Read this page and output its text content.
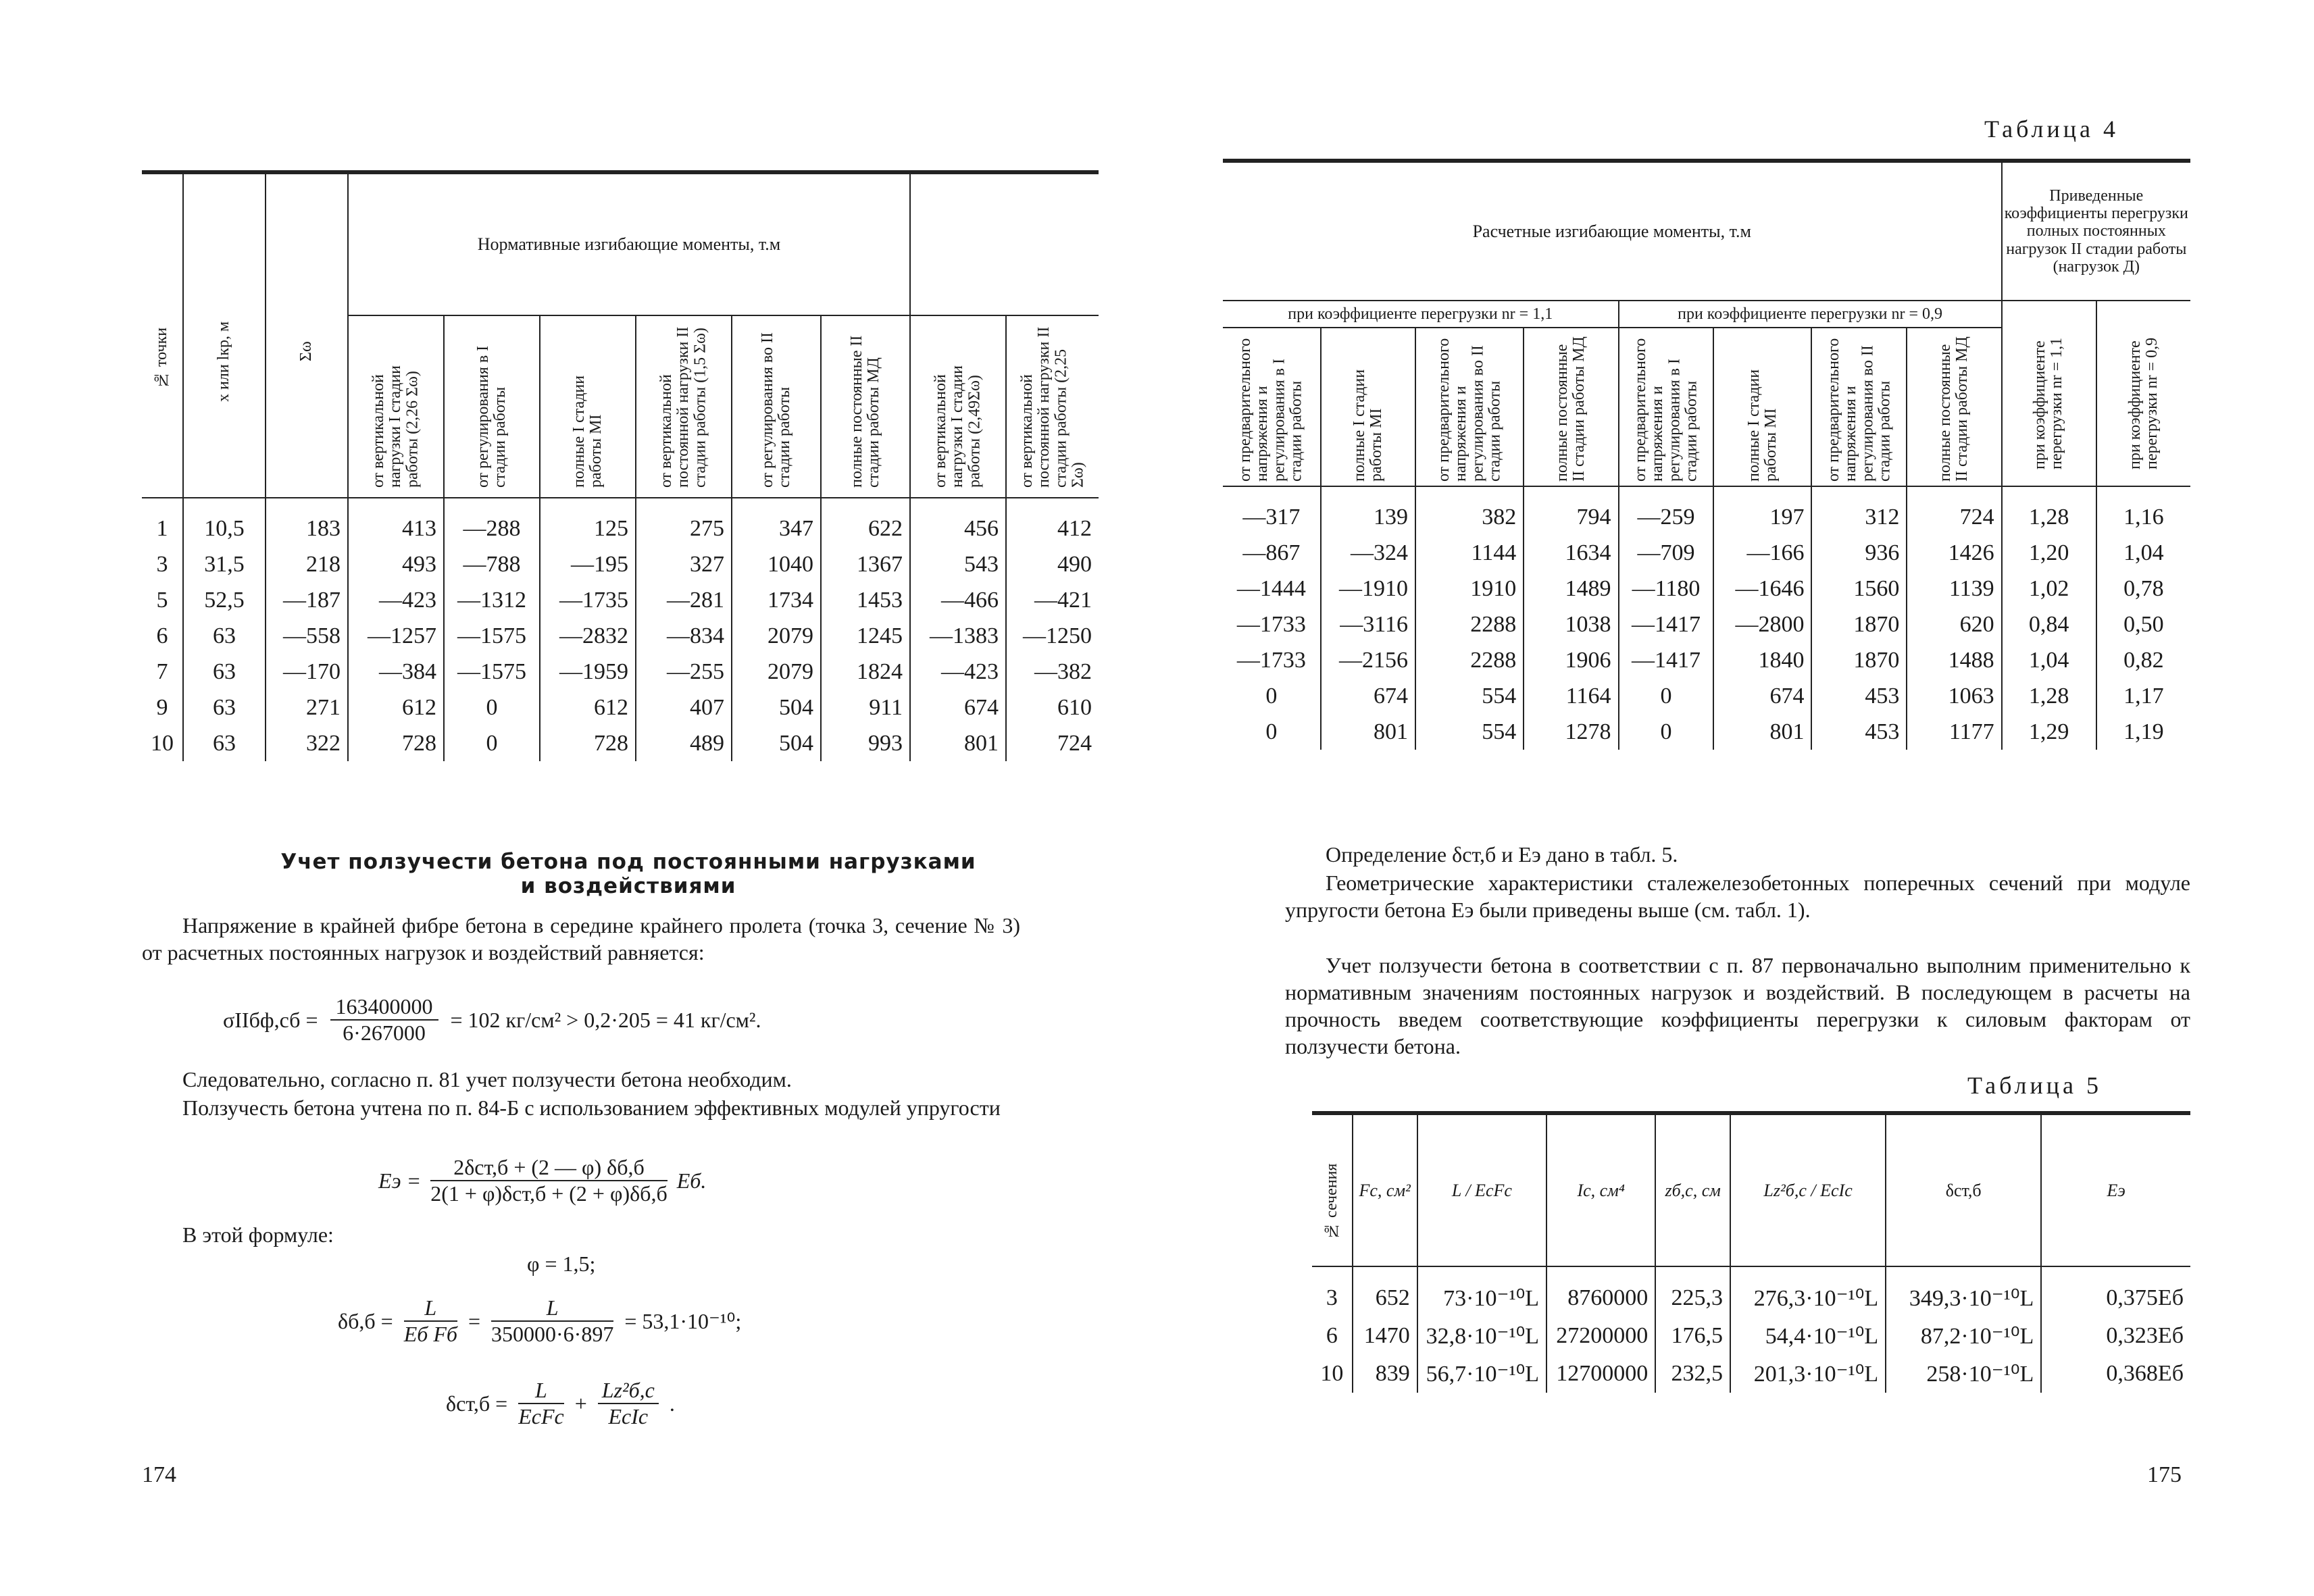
№ точки	x или lкр, м	Σω	Нормативные изгибающие моменты, т.м							
			от вертикальной нагрузки I стадии работы (2,26 Σω)	от регулирования в I стадии работы	полные I стадии работы MI	от вертикальной постоянной нагрузки II стадии работы (1,5 Σω)	от регулирования во II стадии работы	полные постоянные II стадии работы MД	от вертикальной нагрузки I стадии работы (2,49Σω)	от вертикальной постоянной нагрузки II стадии работы (2,25 Σω)
1	10,5	183	413	—288	125	275	347	622	456	412
3	31,5	218	493	—788	—195	327	1040	1367	543	490
5	52,5	—187	—423	—1312	—1735	—281	1734	1453	—466	—421
6	63	—558	—1257	—1575	—2832	—834	2079	1245	—1383	—1250
7	63	—170	—384	—1575	—1959	—255	2079	1824	—423	—382
9	63	271	612	0	612	407	504	911	674	610
10	63	322	728	0	728	489	504	993	801	724
Учет ползучести бетона под постоянными нагрузками и воздействиями
Напряжение в крайней фибре бетона в середине крайнего пролета (точка 3, сечение № 3) от расчетных постоянных нагрузок и воздействий равняется:
σIIбф,сб = $\frac{163400000}{6\cdot 267000} = 102$ кг/см² > 0,2·205 = 41 кг/см².
Следовательно, согласно п. 81 учет ползучести бетона необходим.
Ползучесть бетона учтена по п. 84-Б с использованием эффективных модулей упругости
Eэ =
2δст,б + (2 — φ) δб,б
2(1 + φ)δст,б + (2 + φ)δб,б
Eб.
В этой формуле:
φ = 1,5;
δб,б =
L
Eб Fб
= $\frac{L}{350000\cdot 6\cdot 897} = 53,1\cdot 10^{-10}$;
δст,б =
L
EсFс
+
Lz²б,с
EсIс
.
174
Таблица 4
Расчетные изгибающие моменты, т.м								Приведенные коэффициенты перегрузки полных постоянных нагрузок II стадии работы (нагрузок Д)	
при коэффициенте перегрузки nr = 1,1				при коэффициенте перегрузки nr = 0,9				при коэффициенте перегрузки nr = 1,1	при коэффициенте перегрузки nr = 0,9
от предварительного напряжения и регулирования в I стадии работы	полные I стадии работы MI	от предварительного напряжения и регулирования во II стадии работы	полные постоянные II стадии работы MД	от предварительного напряжения и регулирования в I стадии работы	полные I стадии работы MI	от предварительного напряжения и регулирования во II стадии работы	полные постоянные II стадии работы MД		
—317	139	382	794	—259	197	312	724	1,28	1,16
—867	—324	1144	1634	—709	—166	936	1426	1,20	1,04
—1444	—1910	1910	1489	—1180	—1646	1560	1139	1,02	0,78
—1733	—3116	2288	1038	—1417	—2800	1870	620	0,84	0,50
—1733	—2156	2288	1906	—1417	1840	1870	1488	1,04	0,82
0	674	554	1164	0	674	453	1063	1,28	1,17
0	801	554	1278	0	801	453	1177	1,29	1,19
Определение δст,б и Eэ дано в табл. 5.
Геометрические характеристики сталежелезобетонных поперечных сечений при модуле упругости бетона Eэ были приведены выше (см. табл. 1).
Учет ползучести бетона в соответствии с п. 87 первоначально выполним применительно к нормативным значениям постоянных нагрузок и воздействий. В последующем в расчеты на прочность введем соответствующие коэффициенты перегрузки к силовым факторам от ползучести бетона.
Таблица 5
№ сечения	Fс, см²	L / EсFс	Iс, см⁴	zб,с, см	Lz²б,с / EсIс	δст,б	Eэ
3	652	73·10⁻¹⁰L	8760000	225,3	276,3·10⁻¹⁰L	349,3·10⁻¹⁰L	0,375Eб
6	1470	32,8·10⁻¹⁰L	27200000	176,5	54,4·10⁻¹⁰L	87,2·10⁻¹⁰L	0,323Eб
10	839	56,7·10⁻¹⁰L	12700000	232,5	201,3·10⁻¹⁰L	258·10⁻¹⁰L	0,368Eб
175
